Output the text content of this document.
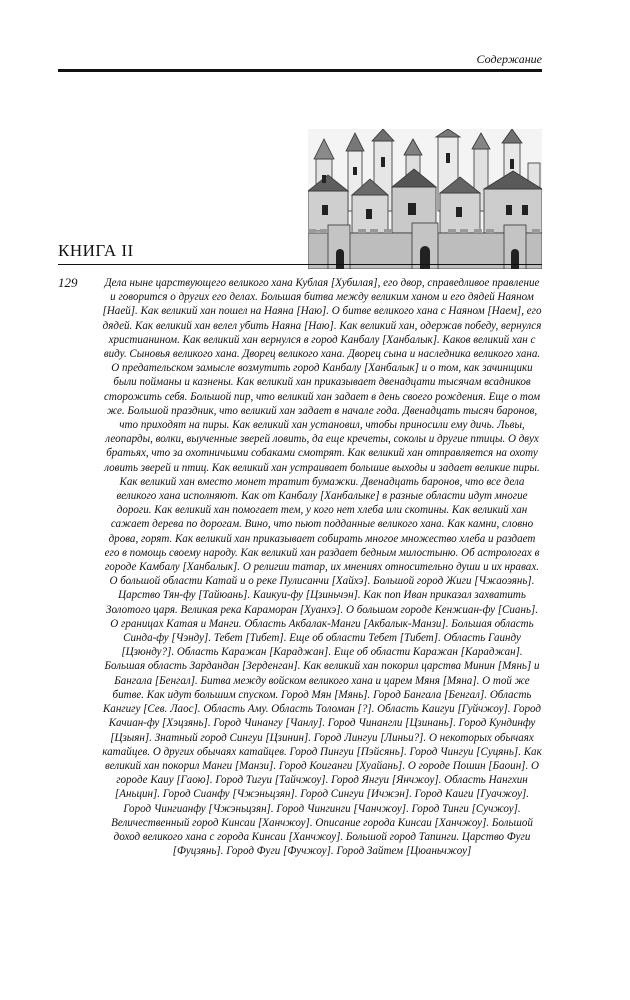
Содержание
КНИГА II
129 Дела ныне царствующего великого хана Кублая [Хубилая], его двор, справедливое правление и говорится о других его делах. Большая битва между великим ханом и его дядей Наяном [Наей]. Как великий хан пошел на Наяна [Наю]. О битве великого хана с Наяном [Наем], его дядей. Как великий хан велел убить Наяна [Наю]. Как великий хан, одержав победу, вернулся христианином. Как великий хан вернулся в город Канбалу [Ханбалык]. Каков великий хан с виду. Сыновья великого хана. Дворец великого хана. Дворец сына и наследника великого хана. О предательском замысле возмутить город Канбалу [Ханбалык] и о том, как зачинщики были пойманы и казнены. Как великий хан приказывает двенадцати тысячам всадников сторожить себя. Большой пир, что великий хан задает в день своего рождения. Еще о том же. Большой праздник, что великий хан задает в начале года. Двенадцать тысяч баронов, что приходят на пиры. Как великий хан установил, чтобы приносили ему дичь. Львы, леопарды, волки, выученные зверей ловить, да еще кречеты, соколы и другие птицы. О двух братьях, что за охотничьими собаками смотрят. Как великий хан отправляется на охоту ловить зверей и птиц. Как великий хан устраивает большие выходы и задает великие пиры. Как великий хан вместо монет тратит бумажки. Двенадцать баронов, что все дела великого хана исполняют. Как от Канбалу [Ханбалыке] в разные области идут многие дороги. Как великий хан помогает тем, у кого нет хлеба или скотины. Как великий хан сажает деревa по дорогам. Вино, что пьют подданные великого хана. Как камни, словно дрова, горят. Как великий хан приказывает собирать многое множество хлеба и раздает его в помощь своему народу. Как великий хан раздает бедным милостыню. Об астрологах в городе Камбалу [Ханбалык]. О религии татар, их мнениях относительно души и их нравах. О большой области Катай и о реке Пулисанчи [Хайхэ]. Большой город Жиги [Чжаоэянь]. Царство Тян-фу [Тайюань]. Каикуи-фу [Цзиньчэн]. Как поп Иван приказал захватить Золотого царя. Великая река Караморан [Хуанхэ]. О большом городе Кенжиан-фу [Сиань]. О границах Катая и Манги. Область Акбалак-Манги [Акбалык-Манзи]. Большая область Синда-фу [Чэнду]. Тебет [Тибет]. Еще об области Тебет [Тибет]. Область Гаинду [Цзюнду?]. Область Каражан [Караджан]. Еще об области Каражан [Караджан]. Большая область Зардандан [Зерденган]. Как великий хан покорил царства Минин [Мянь] и Бангала [Бенгал]. Битва между войском великого хана и царем Мяня [Мяна]. О той же битве. Как идут большим спуском. Город Мян [Мянь]. Город Бангала [Бенгал]. Область Кангигу [Сев. Лаос]. Область Аму. Область Толоман [?]. Область Каигуи [Гуйчжоу]. Город Качиан-фу [Хэцзянь]. Город Чинангу [Чанлу]. Город Чинангли [Цзинань]. Город Кундинфу [Цзыян]. Знатный город Сингуи [Цзинин]. Город Лингуи [Линьи?]. О некоторых обычаях катайцев. О других обычаях катайцев. Город Пингуи [Пэйсянь]. Город Чингуи [Суцянь]. Как великий хан покорил Манги [Манзи]. Город Коиганги [Хуайань]. О городе Пошин [Баоин]. О городе Каиу [Гаою]. Город Тигуи [Тайчжоу]. Город Янгуи [Янчжоу]. Область Нангхин [Аньцин]. Город Сианфу [Чжэньцзян]. Город Сингуи [Ичжэн]. Город Каиги [Гуачжоу]. Город Чингианфу [Чжэньцзян]. Город Чингинги [Чанчжоу]. Город Тинги [Сучжоу]. Величественный город Кинсаи [Ханчжоу]. Описание города Кинсаи [Ханчжоу]. Большой доход великого хана с города Кинсаи [Ханчжоу]. Большой город Тапинги. Царство Фуги [Фуцзянь]. Город Фуги [Фучжоу]. Город Зайтем [Цюаньчжоу]
